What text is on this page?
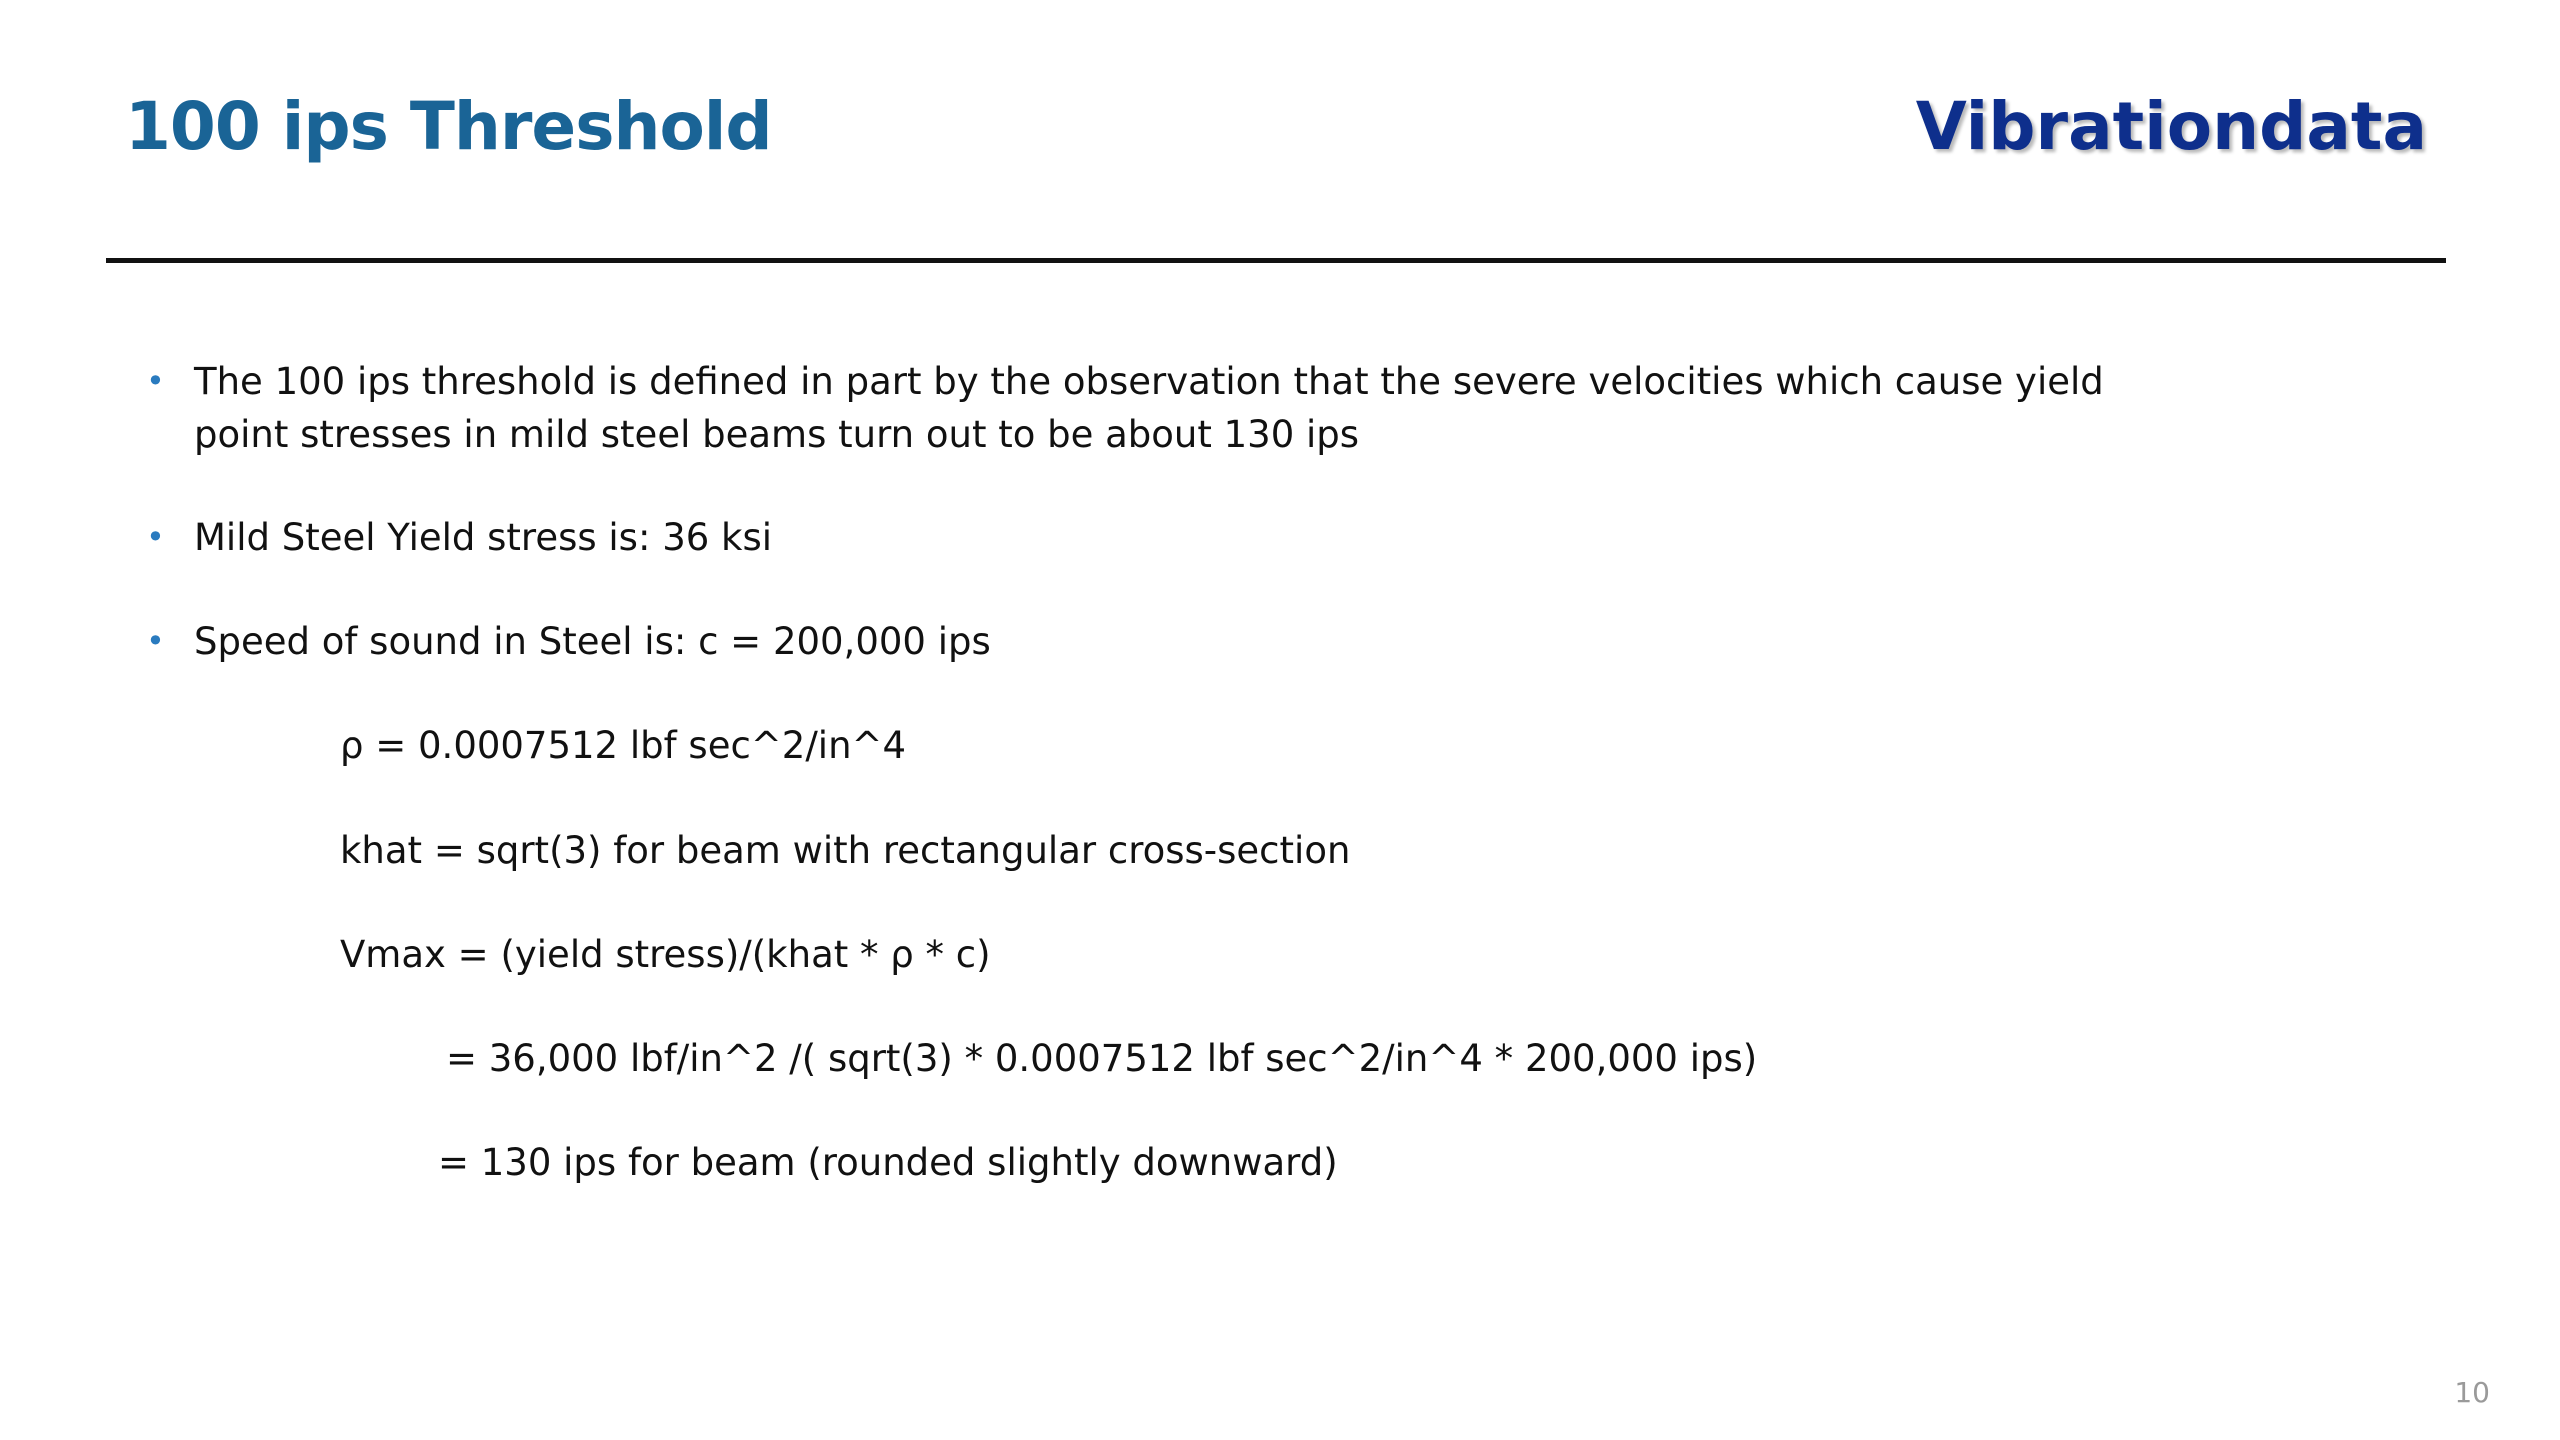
100 ips Threshold	Vibrationdata
• The 100 ips threshold is defined in part by the observation that the severe velocities which cause yield point stresses in mild steel beams turn out to be about 130 ips
• Mild Steel Yield stress is: 36 ksi
• Speed of sound in Steel is: c = 200,000 ips
ρ = 0.0007512 lbf sec^2/in^4
khat = sqrt(3) for beam with rectangular cross-section
Vmax = (yield stress)/(khat * ρ * c)
= 36,000 lbf/in^2 /( sqrt(3) * 0.0007512 lbf sec^2/in^4 * 200,000 ips)
= 130 ips for beam (rounded slightly downward)
10
